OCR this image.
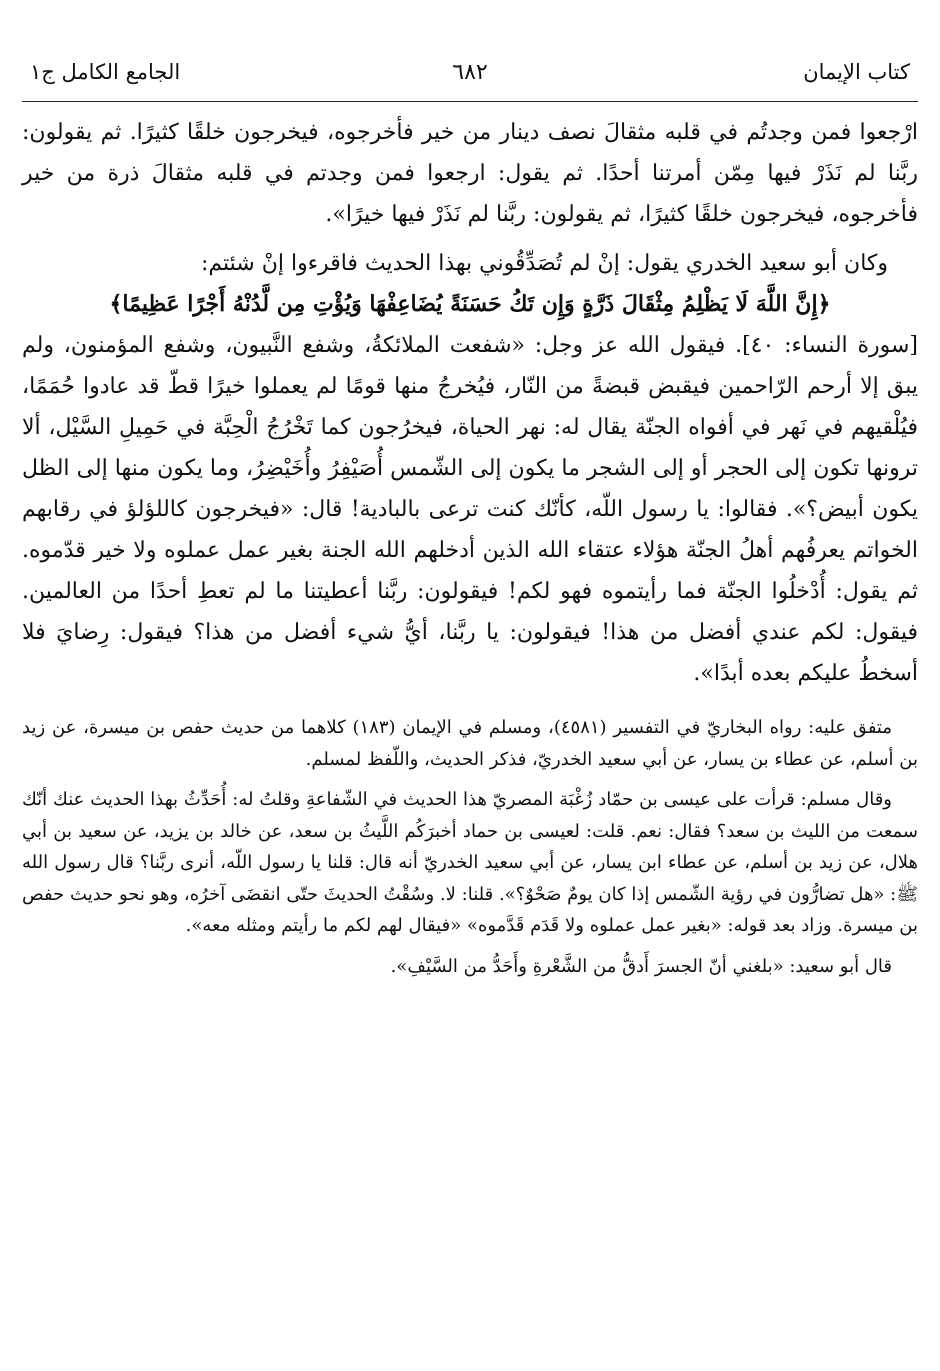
كتاب الإيمان
٦٨٢
الجامع الكامل ج١

ارْجعوا فمن وجدتُم في قلبه مثقالَ نصف دينار من خير فأخرجوه، فيخرجون خلقًا كثيرًا. ثم يقولون: ربَّنا لم نَذَرْ فيها مِمّن أمرتنا أحدًا. ثم يقول: ارجعوا فمن وجدتم في قلبه مثقالَ ذرة من خير فأخرجوه، فيخرجون خلقًا كثيرًا، ثم يقولون: ربَّنا لم نَذَرْ فيها خيرًا».

وكان أبو سعيد الخدري يقول: إنْ لم تُصَدِّقُوني بهذا الحديث فاقرءوا إنْ شئتم:

﴿إِنَّ اللَّهَ لَا يَظْلِمُ مِثْقَالَ ذَرَّةٍ وَإِن تَكُ حَسَنَةً يُضَاعِفْهَا وَيُؤْتِ مِن لَّدُنْهُ أَجْرًا عَظِيمًا﴾

[سورة النساء: ٤٠]. فيقول الله عز وجل: «شفعت الملائكةُ، وشفع النَّبيون، وشفع المؤمنون، ولم يبق إلا أرحم الرّاحمين فيقبض قبضةً من النّار، فيُخرجُ منها قومًا لم يعملوا خيرًا قطّ قد عادوا حُمَمًا، فيُلْقيهم في نَهر في أفواه الجنّة يقال له: نهر الحياة، فيخرُجون كما تَخْرُجُ الْحِبَّة في حَمِيلِ السَّيْل، ألا ترونها تكون إلى الحجر أو إلى الشجر ما يكون إلى الشّمس أُصَيْفِرُ وأُخَيْضِرُ، وما يكون منها إلى الظل يكون أبيض؟». فقالوا: يا رسول اللّه، كأنّك كنت ترعى بالبادية! قال: «فيخرجون كاللؤلؤ في رقابهم الخواتم يعرفُهم أهلُ الجنّة هؤلاء عتقاء الله الذين أدخلهم الله الجنة بغير عمل عملوه ولا خير قدّموه. ثم يقول: أُدْخلُوا الجنّة فما رأيتموه فهو لكم! فيقولون: ربَّنا أعطيتنا ما لم تعطِ أحدًا من العالمين. فيقول: لكم عندي أفضل من هذا! فيقولون: يا ربَّنا، أيُّ شيء أفضل من هذا؟ فيقول: رِضايَ فلا أسخطُ عليكم بعده أبدًا».

متفق عليه: رواه البخاريّ في التفسير (٤٥٨١)، ومسلم في الإيمان (١٨٣) كلاهما من حديث حفص بن ميسرة، عن زيد بن أسلم، عن عطاء بن يسار، عن أبي سعيد الخدريّ، فذكر الحديث، واللّفظ لمسلم.

وقال مسلم: قرأت على عيسى بن حمّاد زُغْبَة المصريّ هذا الحديث في الشّفاعةِ وقلتُ له: أُحَدِّثُ بهذا الحديث عنك أنّك سمعت من الليث بن سعد؟ فقال: نعم. قلت: لعيسى بن حماد أخبرَكُم اللَّيثُ بن سعد، عن خالد بن يزيد، عن سعيد بن أبي هلال، عن زيد بن أسلم، عن عطاء ابن يسار، عن أبي سعيد الخدريّ أنه قال: قلنا يا رسول اللّه، أنرى ربَّنا؟ قال رسول الله ﷺ: «هل تضارُّون في رؤية الشّمس إذا كان يومٌ صَحْوٌ؟». قلنا: لا. وسُقْتُ الحديثَ حتّى انقضَى آخرُه، وهو نحو حديث حفص بن ميسرة. وزاد بعد قوله: «بغير عمل عملوه ولا قَدَم قَدَّموه» «فيقال لهم لكم ما رأيتم ومثله معه».

قال أبو سعيد: «بلغني أنّ الجسرَ أَدقُّ من الشَّعْرةِ وأَحَدُّ من السَّيْفِ».
